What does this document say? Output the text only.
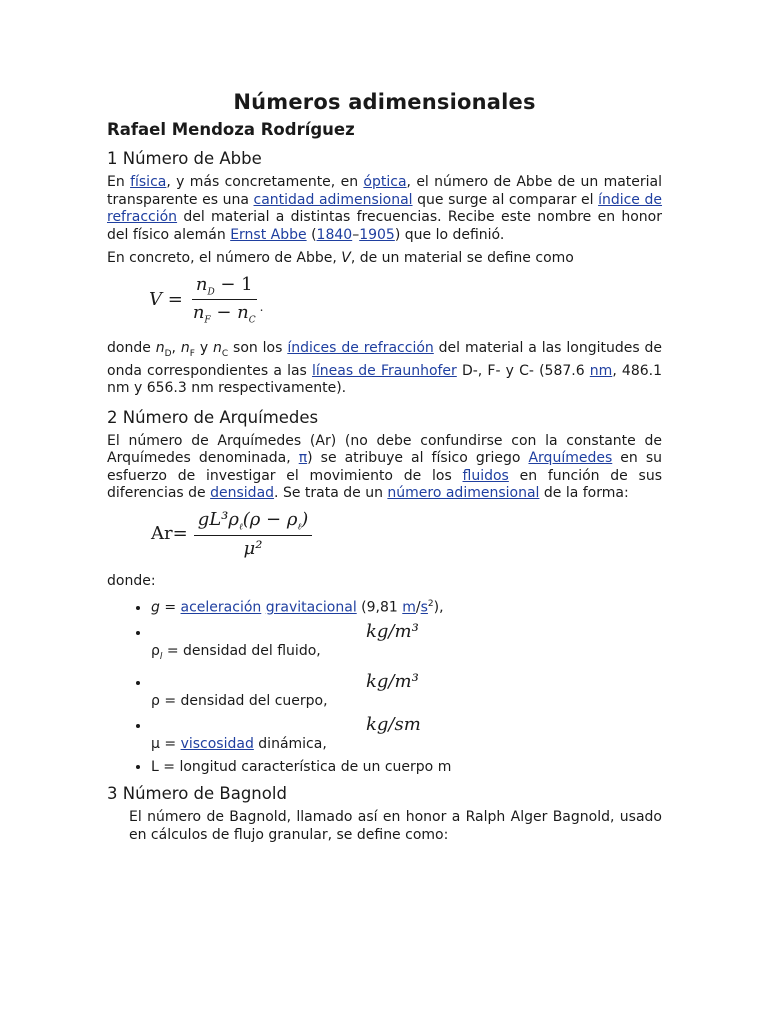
Números adimensionales
Rafael Mendoza Rodríguez
1 Número de Abbe

En física, y más concretamente, en óptica, el número de Abbe de un material transparente es una cantidad adimensional que surge al comparar el índice de refracción del material a distintas frecuencias. Recibe este nombre en honor del físico alemán Ernst Abbe (1840–1905) que lo definió.

En concreto, el número de Abbe, V, de un material se define como

$V = \frac{n_D - 1}{n_F - n_C}$ .

donde $n_D$, $n_F$ y $n_C$ son los índices de refracción del material a las longitudes de onda correspondientes a las líneas de Fraunhofer D-, F- y C- (587.6 nm, 486.1 nm y 656.3 nm respectivamente).

2 Número de Arquímedes

El número de Arquímedes (Ar) (no debe confundirse con la constante de Arquímedes denominada, π) se atribuye al físico griego Arquímedes en su esfuerzo de investigar el movimiento de los fluidos en función de sus diferencias de densidad. Se trata de un número adimensional de la forma:

$Ar = \frac{gL^3\rho_\ell(\rho - \rho_\ell)}{\text{μ²}}$

donde:

• g = aceleración gravitacional (9,81 $m/s^2$),
• kg/m³
$\rho_l$ = densidad del fluido,
• kg/m³
ρ = densidad del cuerpo,
• kg/sm
μ = viscosidad dinámica,
• L = longitud característica de un cuerpo m
3 Número de Bagnold

El número de Bagnold, llamado así en honor a Ralph Alger Bagnold, usado en cálculos de flujo granular, se define como:
